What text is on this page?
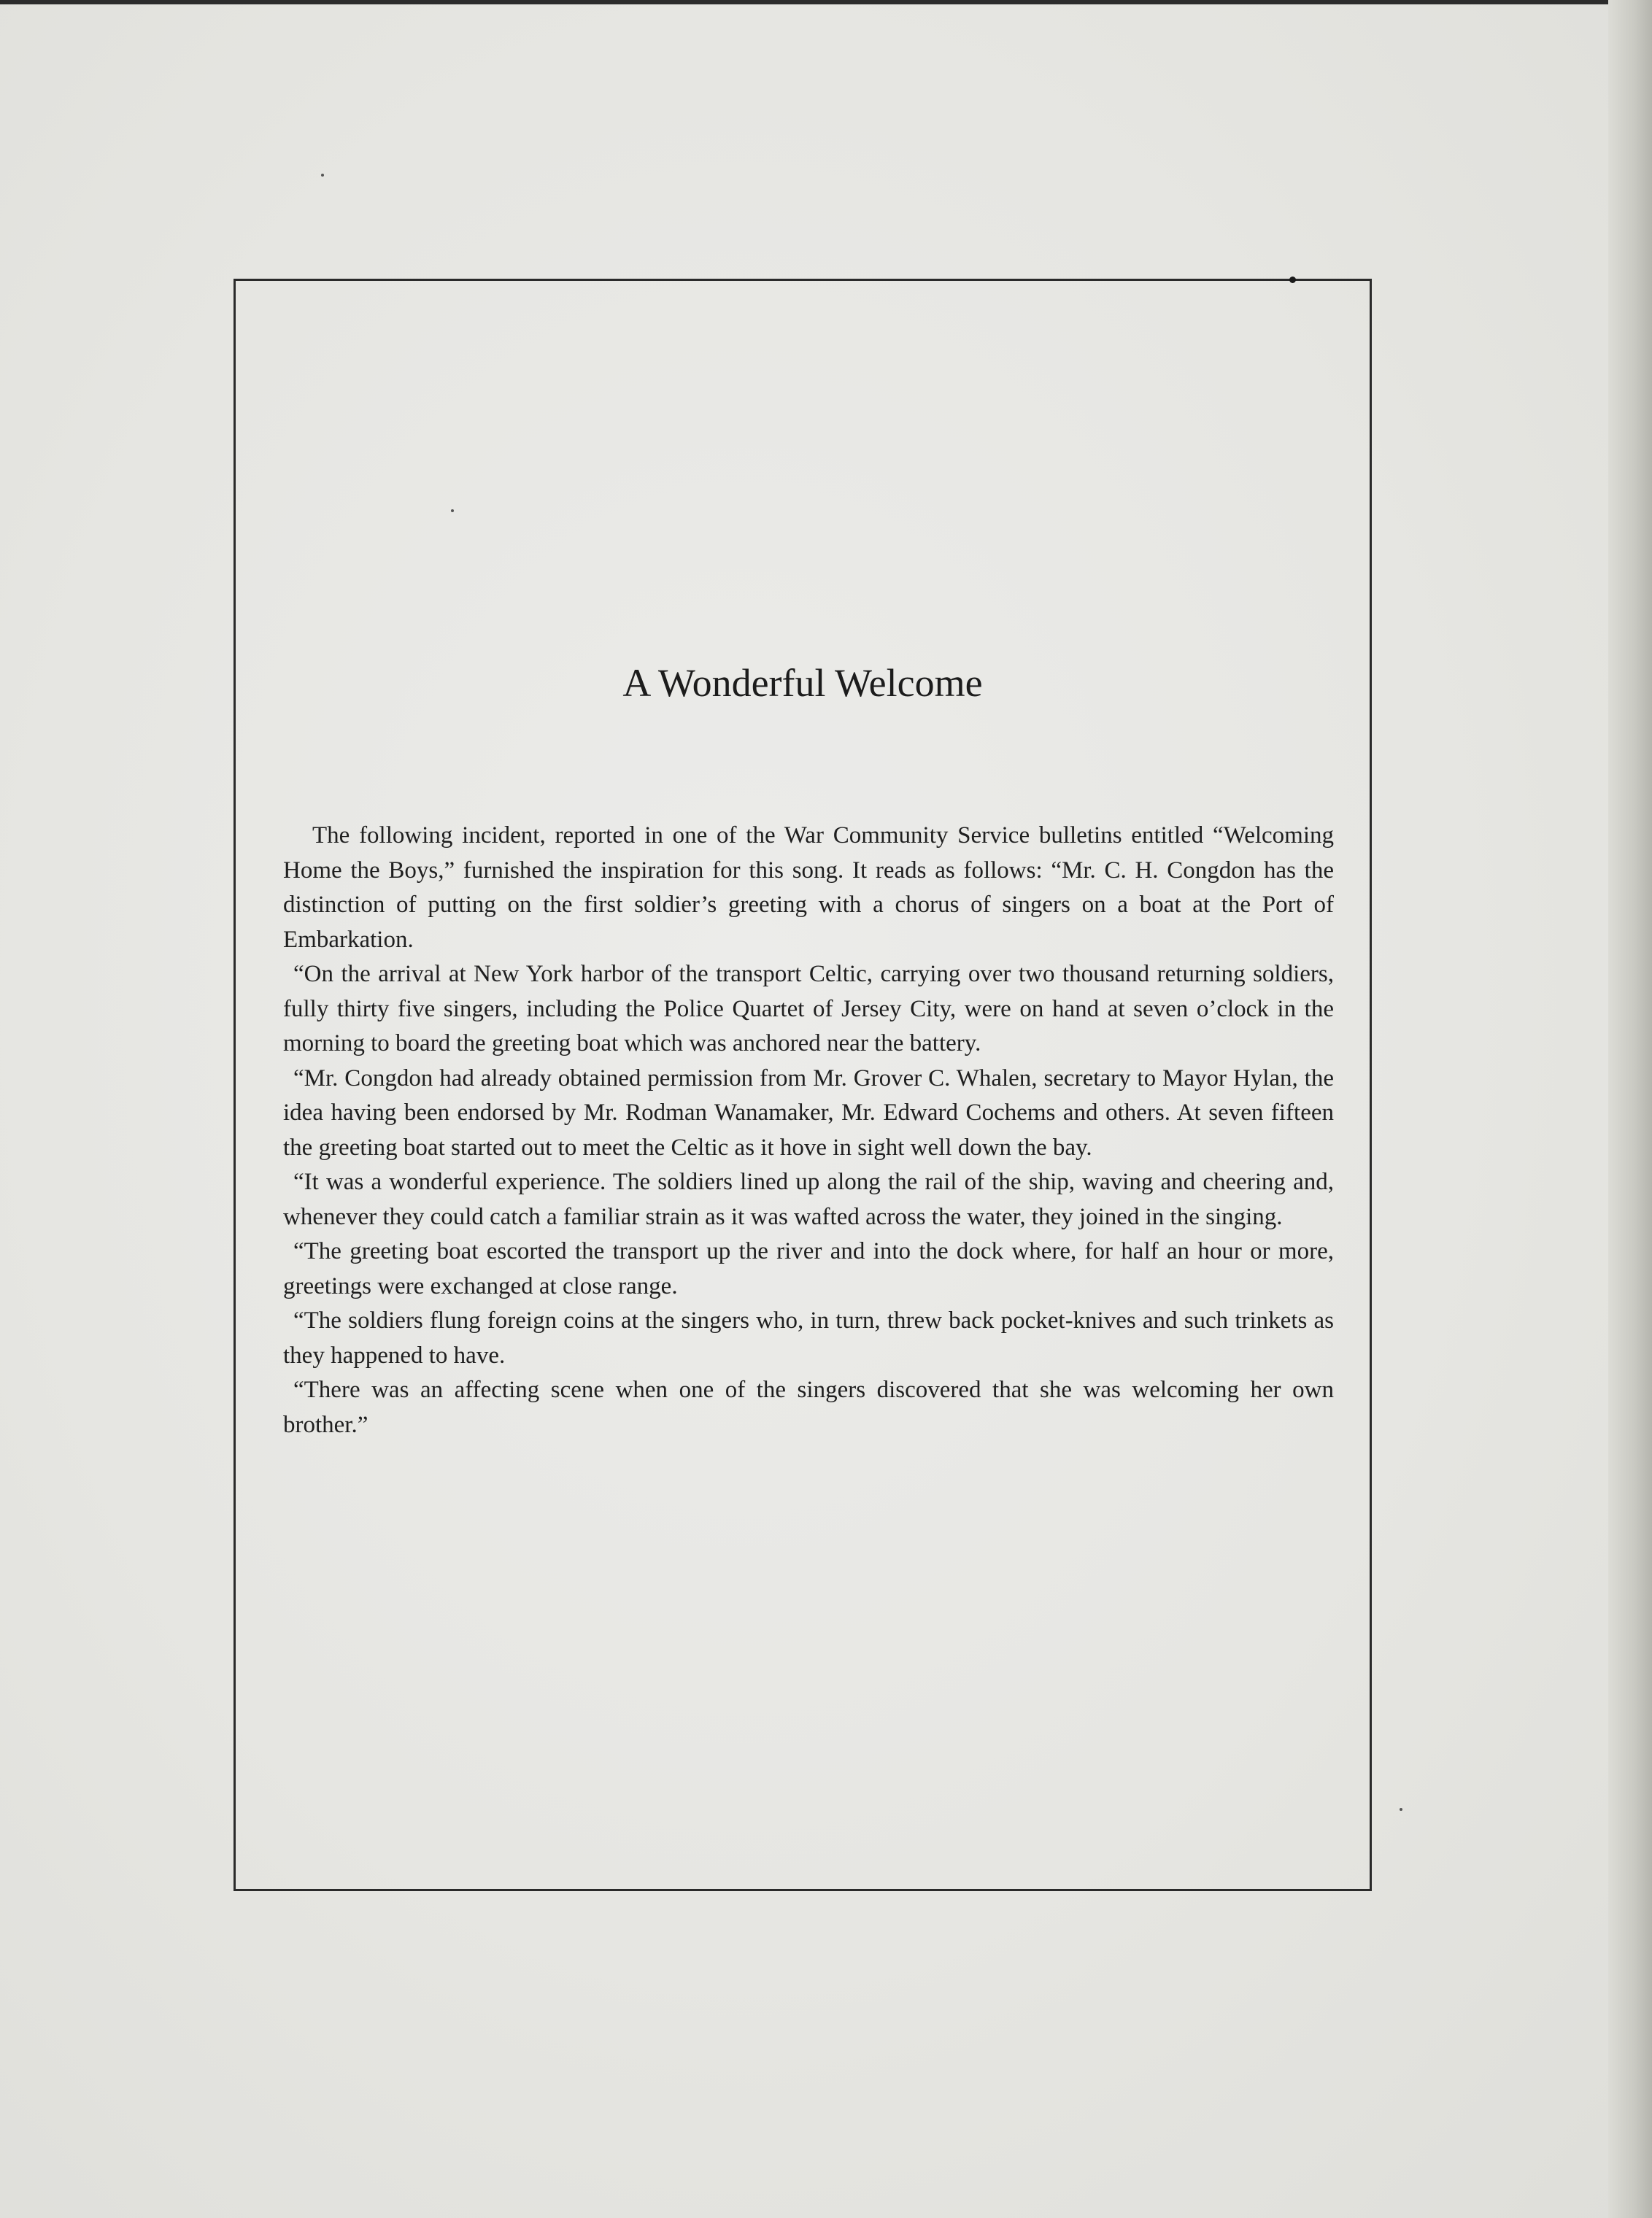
A Wonderful Welcome

The following incident, reported in one of the War Community Service bulletins entitled “Welcoming Home the Boys,” furnished the inspiration for this song. It reads as follows: “Mr. C. H. Congdon has the distinction of putting on the first soldier’s greeting with a chorus of singers on a boat at the Port of Embarkation.

“On the arrival at New York harbor of the transport Celtic, carrying over two thousand returning soldiers, fully thirty five singers, including the Police Quartet of Jersey City, were on hand at seven o’clock in the morning to board the greeting boat which was anchored near the battery.

“Mr. Congdon had already obtained permission from Mr. Grover C. Whalen, secretary to Mayor Hylan, the idea having been endorsed by Mr. Rodman Wanamaker, Mr. Edward Cochems and others. At seven fifteen the greeting boat started out to meet the Celtic as it hove in sight well down the bay.

“It was a wonderful experience. The soldiers lined up along the rail of the ship, waving and cheering and, whenever they could catch a familiar strain as it was wafted across the water, they joined in the singing.

“The greeting boat escorted the transport up the river and into the dock where, for half an hour or more, greetings were exchanged at close range.

“The soldiers flung foreign coins at the singers who, in turn, threw back pocket-knives and such trinkets as they happened to have.

“There was an affecting scene when one of the singers discovered that she was welcoming her own brother.”
